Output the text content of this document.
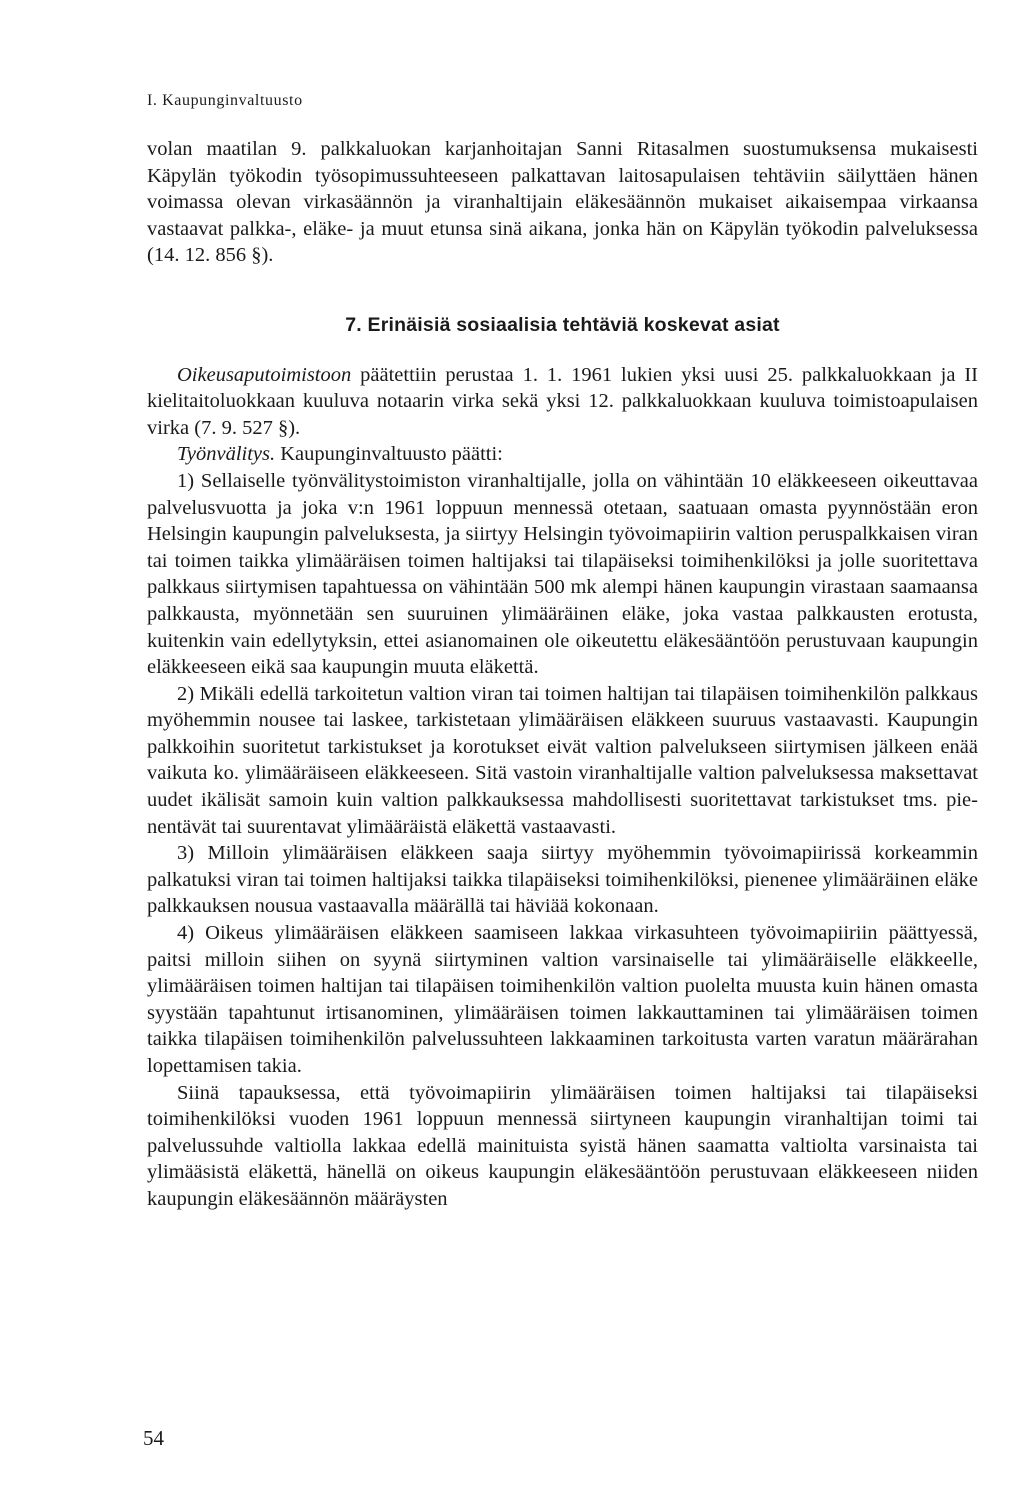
I. Kaupunginvaltuusto

volan maatilan 9. palkkaluokan karjanhoitajan Sanni Ritasalmen suostumuksensa mukaisesti Käpylän työkodin työsopimussuhteeseen palkattavan laitosapulaisen tehtäviin säilyttäen hänen voimassa olevan virkasäännön ja viranhaltijain eläkesäännön mukaiset aikaisempaa virkaansa vastaavat palkka-, eläke- ja muut etunsa sinä aikana, jonka hän on Käpylän työkodin palveluksessa (14. 12. 856 §).

7. Erinäisiä sosiaalisia tehtäviä koskevat asiat

Oikeusaputoimistoon päätettiin perustaa 1. 1. 1961 lukien yksi uusi 25. palkkaluokkaan ja II kielitaitoluokkaan kuuluva notaarin virka sekä yksi 12. palkkaluokkaan kuuluva toimistoapulaisen virka (7. 9. 527 §).

Työnvälitys. Kaupunginvaltuusto päätti:

1) Sellaiselle työnvälitystoimiston viranhaltijalle, jolla on vähintään 10 eläkkeeseen oikeuttavaa palvelusvuotta ja joka v:n 1961 loppuun mennessä otetaan, saatuaan omasta pyynnöstään eron Helsingin kaupungin palveluksesta, ja siirtyy Helsingin työvoimapiirin valtion peruspalkkaisen viran tai toimen taikka ylimääräisen toimen haltijaksi tai tilapäiseksi toimihenkilöksi ja jolle suoritettava palkkaus siirtymisen tapahtuessa on vähintään 500 mk alempi hänen kaupungin virastaan saamaansa palkkausta, myönnetään sen suuruinen ylimääräinen eläke, joka vastaa palkkausten erotusta, kuitenkin vain edellytyksin, ettei asianomainen ole oikeutettu eläkesääntöön perustuvaan kaupungin eläkkeeseen eikä saa kaupungin muuta eläkettä.

2) Mikäli edellä tarkoitetun valtion viran tai toimen haltijan tai tilapäisen toimihenkilön palkkaus myöhemmin nousee tai laskee, tarkistetaan ylimääräisen eläkkeen suuruus vastaavasti. Kaupungin palkkoihin suoritetut tarkistukset ja korotukset eivät valtion palvelukseen siirtymisen jälkeen enää vaikuta ko. ylimääräiseen eläkkeeseen. Sitä vastoin viranhaltijalle valtion palveluksessa maksettavat uudet ikälisät samoin kuin valtion palkkauksessa mahdollisesti suoritettavat tarkistukset tms. pienentävät tai suurentavat ylimääräistä eläkettä vastaavasti.

3) Milloin ylimääräisen eläkkeen saaja siirtyy myöhemmin työvoimapiirissä korkeammin palkatuksi viran tai toimen haltijaksi taikka tilapäiseksi toimihenkilöksi, pienenee ylimääräinen eläke palkkauksen nousua vastaavalla määrällä tai häviää kokonaan.

4) Oikeus ylimääräisen eläkkeen saamiseen lakkaa virkasuhteen työvoimapiiriin päättyessä, paitsi milloin siihen on syynä siirtyminen valtion varsinaiselle tai ylimääräiselle eläkkeelle, ylimääräisen toimen haltijan tai tilapäisen toimihenkilön valtion puolelta muusta kuin hänen omasta syystään tapahtunut irtisanominen, ylimääräisen toimen lakkauttaminen tai ylimääräisen toimen taikka tilapäisen toimihenkilön palvelussuhteen lakkaaminen tarkoitusta varten varatun määrärahan lopettamisen takia.

Siinä tapauksessa, että työvoimapiirin ylimääräisen toimen haltijaksi tai tilapäiseksi toimihenkilöksi vuoden 1961 loppuun mennessä siirtyneen kaupungin viranhaltijan toimi tai palvelussuhde valtiolla lakkaa edellä mainituista syistä hänen saamatta valtiolta varsinaista tai ylimääsistä eläkettä, hänellä on oikeus kaupungin eläkesääntöön perustuvaan eläkkeeseen niiden kaupungin eläkesäännön määräysten

54
